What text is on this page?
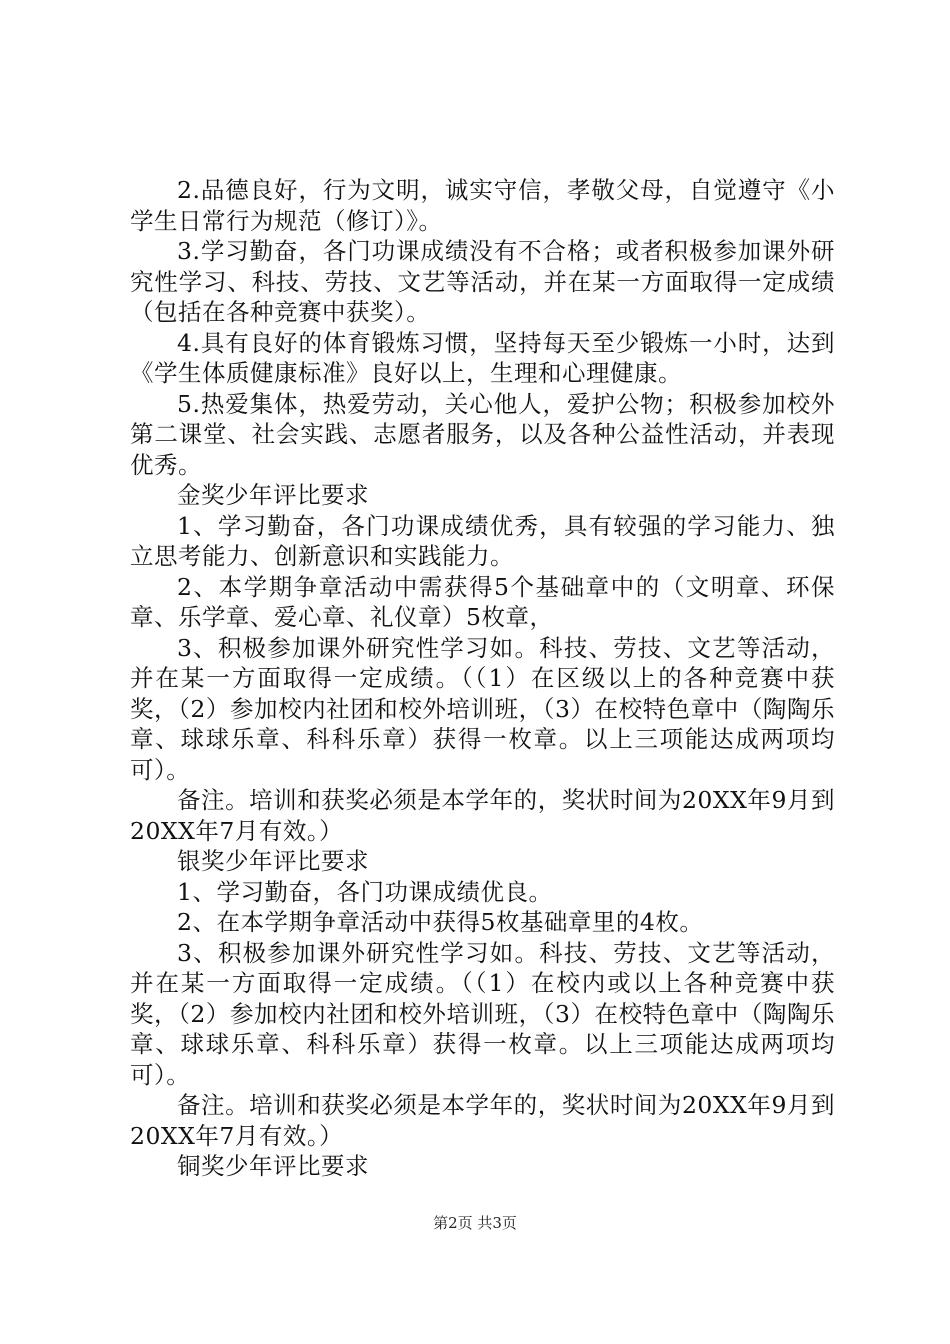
2.品德良好，行为文明，诚实守信，孝敬父母，自觉遵守《小学生日常行为规范（修订）》。

3.学习勤奋，各门功课成绩没有不合格；或者积极参加课外研究性学习、科技、劳技、文艺等活动，并在某一方面取得一定成绩（包括在各种竞赛中获奖）。

4.具有良好的体育锻炼习惯，坚持每天至少锻炼一小时，达到《学生体质健康标准》良好以上，生理和心理健康。

5.热爱集体，热爱劳动，关心他人，爱护公物；积极参加校外第二课堂、社会实践、志愿者服务，以及各种公益性活动，并表现优秀。

金奖少年评比要求

1、学习勤奋，各门功课成绩优秀，具有较强的学习能力、独立思考能力、创新意识和实践能力。

2、本学期争章活动中需获得5个基础章中的（文明章、环保章、乐学章、爱心章、礼仪章）5枚章，

3、积极参加课外研究性学习如。科技、劳技、文艺等活动，并在某一方面取得一定成绩。（（1）在区级以上的各种竞赛中获奖，（2）参加校内社团和校外培训班，（3）在校特色章中（陶陶乐章、球球乐章、科科乐章）获得一枚章。以上三项能达成两项均可）。

备注。培训和获奖必须是本学年的，奖状时间为20XX年9月到20XX年7月有效。）

银奖少年评比要求

1、学习勤奋，各门功课成绩优良。

2、在本学期争章活动中获得5枚基础章里的4枚。

3、积极参加课外研究性学习如。科技、劳技、文艺等活动，并在某一方面取得一定成绩。（（1）在校内或以上各种竞赛中获奖，（2）参加校内社团和校外培训班，（3）在校特色章中（陶陶乐章、球球乐章、科科乐章）获得一枚章。以上三项能达成两项均可）。

备注。培训和获奖必须是本学年的，奖状时间为20XX年9月到20XX年7月有效。）

铜奖少年评比要求

第2页 共3页
